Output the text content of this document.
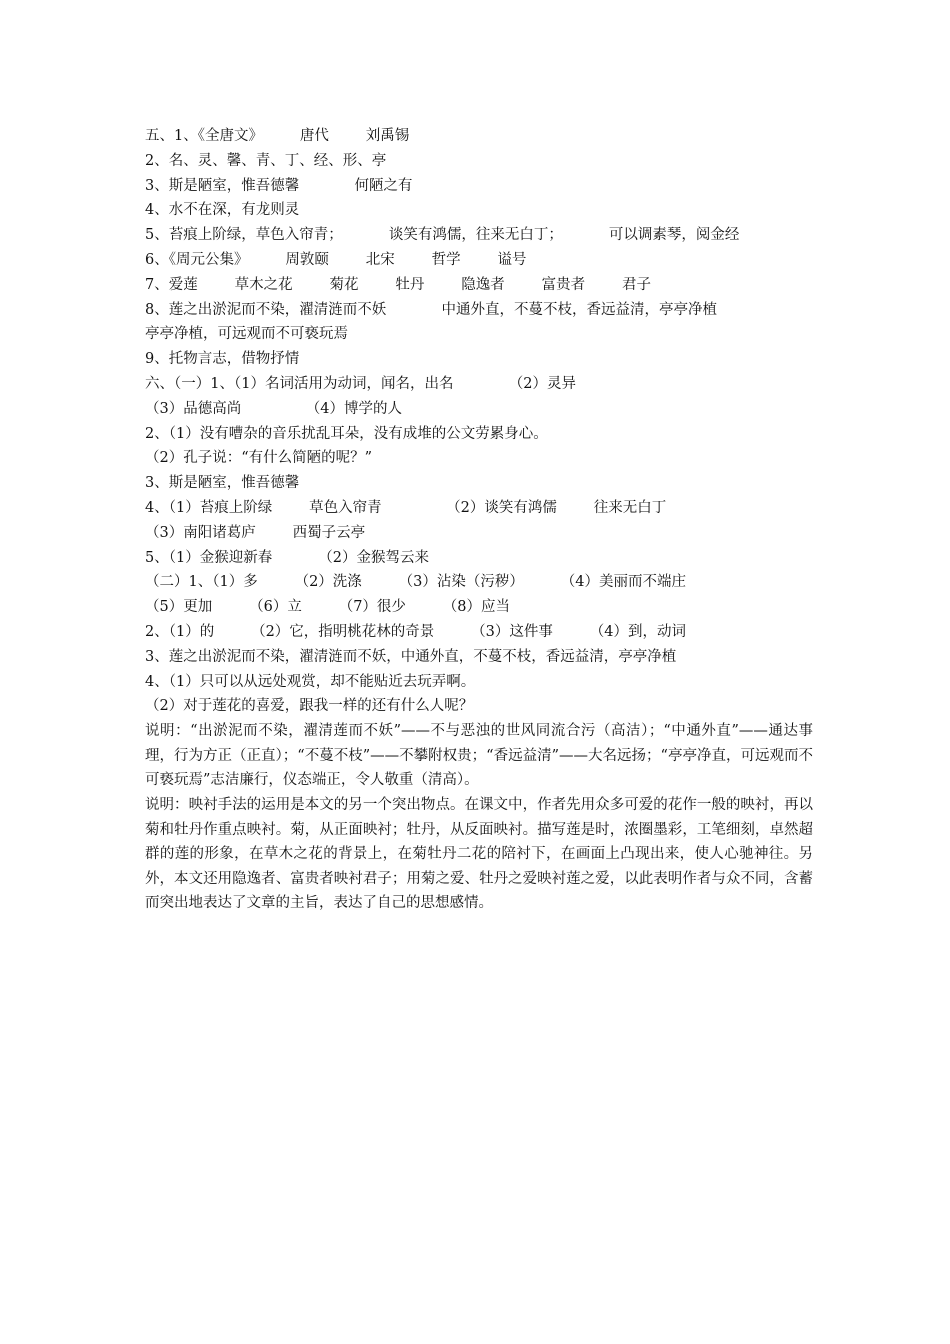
五、1、《全唐文》        唐代        刘禹锡
2、名、灵、馨、青、丁、经、形、亭
3、斯是陋室，惟吾德馨            何陋之有
4、水不在深，有龙则灵
5、苔痕上阶绿，草色入帘青；          谈笑有鸿儒，往来无白丁；          可以调素琴，阅金经
6、《周元公集》        周敦颐        北宋        哲学        谥号
7、爱莲        草木之花        菊花        牡丹        隐逸者        富贵者        君子
8、莲之出淤泥而不染，濯清涟而不妖            中通外直，不蔓不枝，香远益清，亭亭净植
亭亭净植，可远观而不可亵玩焉
9、托物言志，借物抒情
六、（一）1、（1）名词活用为动词，闻名，出名            （2）灵异
（3）品德高尚              （4）博学的人
2、（1）没有嘈杂的音乐扰乱耳朵，没有成堆的公文劳累身心。
（2）孔子说：“有什么简陋的呢？”
3、斯是陋室，惟吾德馨
4、（1）苔痕上阶绿        草色入帘青              （2）谈笑有鸿儒        往来无白丁
（3）南阳诸葛庐        西蜀子云亭
5、（1）金猴迎新春          （2）金猴驾云来
（二）1、（1）多        （2）洗涤        （3）沾染（污秽）        （4）美丽而不端庄
（5）更加        （6）立        （7）很少        （8）应当
2、（1）的        （2）它，指明桃花林的奇景        （3）这件事        （4）到，动词
3、莲之出淤泥而不染，濯清涟而不妖，中通外直，不蔓不枝，香远益清，亭亭净植
4、（1）只可以从远处观赏，却不能贴近去玩弄啊。
（2）对于莲花的喜爱，跟我一样的还有什么人呢？
说明：“出淤泥而不染，濯清莲而不妖”——不与恶浊的世风同流合污（高洁）；“中通外直”——通达事理，行为方正（正直）；“不蔓不枝”——不攀附权贵；“香远益清”——大名远扬；“亭亭净直，可远观而不可亵玩焉”志洁廉行，仪态端正，令人敬重（清高）。
说明：映衬手法的运用是本文的另一个突出物点。在课文中，作者先用众多可爱的花作一般的映衬，再以菊和牡丹作重点映衬。菊，从正面映衬；牡丹，从反面映衬。描写莲是时，浓圈墨彩，工笔细刻，卓然超群的莲的形象，在草木之花的背景上，在菊牡丹二花的陪衬下，在画面上凸现出来，使人心驰神往。另外，本文还用隐逸者、富贵者映衬君子；用菊之爱、牡丹之爱映衬莲之爱，以此表明作者与众不同，含蓄而突出地表达了文章的主旨，表达了自己的思想感情。
